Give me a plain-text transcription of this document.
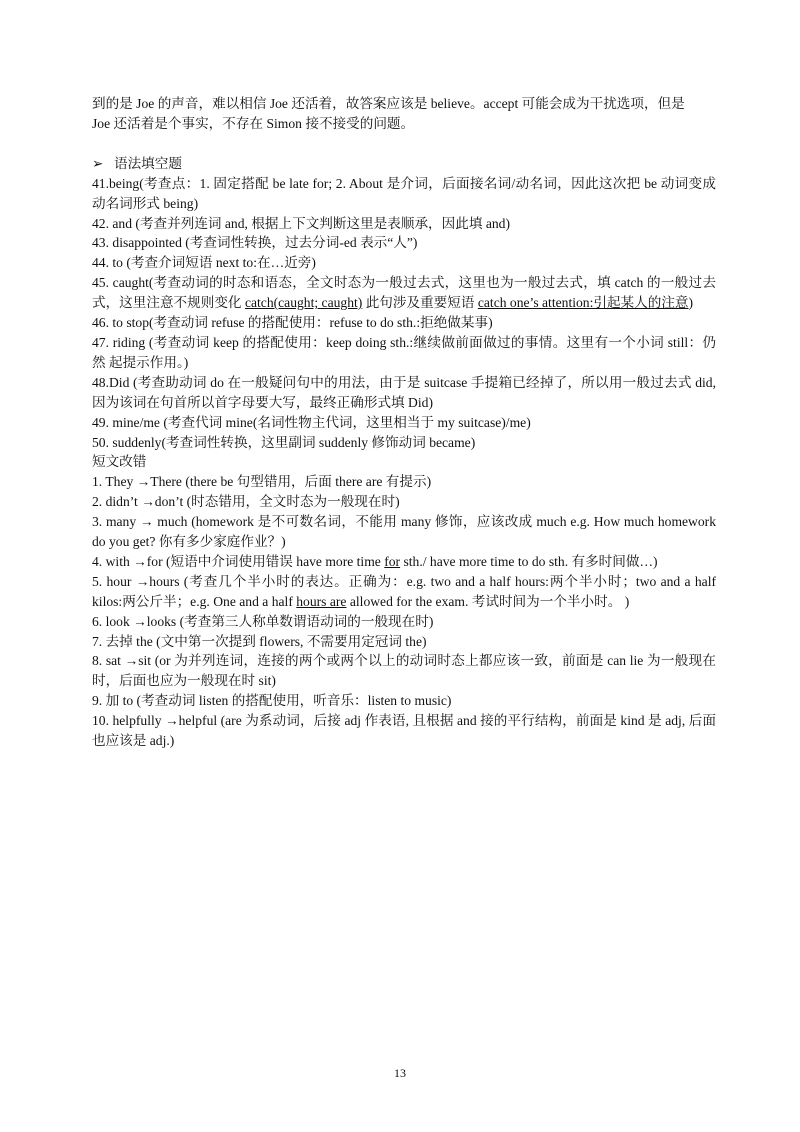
到的是 Joe 的声音，难以相信 Joe 还活着，故答案应该是 believe。accept 可能会成为干扰选项，但是

Joe 还活着是个事实，不存在 Simon 接不接受的问题。

➢ 语法填空题

41.being(考查点：1. 固定搭配 be late for; 2. About 是介词，后面接名词/动名词，因此这次把 be 动词变成动名词形式 being)

42. and (考查并列连词 and, 根据上下文判断这里是表顺承，因此填 and)

43. disappointed (考查词性转换，过去分词-ed 表示“人”)

44. to (考查介词短语 next to:在…近旁)

45. caught(考查动词的时态和语态，全文时态为一般过去式，这里也为一般过去式，填 catch 的一般过去式，这里注意不规则变化 catch(caught; caught) 此句涉及重要短语 catch one’s attention:引起某人的注意)

46. to stop(考查动词 refuse 的搭配使用：refuse to do sth.:拒绝做某事)

47. riding (考查动词 keep 的搭配使用：keep doing sth.:继续做前面做过的事情。这里有一个小词 still：仍然 起提示作用。)

48.Did (考查助动词 do 在一般疑问句中的用法，由于是 suitcase 手提箱已经掉了，所以用一般过去式 did, 因为该词在句首所以首字母要大写，最终正确形式填 Did)

49. mine/me (考查代词 mine(名词性物主代词，这里相当于 my suitcase)/me)

50. suddenly(考查词性转换，这里副词 suddenly 修饰动词 became)

短文改错

1. They →There (there be 句型错用，后面 there are 有提示)

2. didn’t →don’t (时态错用，全文时态为一般现在时)

3. many → much (homework 是不可数名词，不能用 many 修饰，应该改成 much e.g. How much homework do you get? 你有多少家庭作业？)

4. with →for (短语中介词使用错误 have more time for sth./ have more time to do sth. 有多时间做…)

5. hour →hours (考查几个半小时的表达。正确为：e.g. two and a half hours:两个半小时；two and a half kilos:两公斤半；e.g. One and a half hours are allowed for the exam. 考试时间为一个半小时。 )

6. look →looks (考查第三人称单数谓语动词的一般现在时)

7. 去掉 the (文中第一次提到 flowers, 不需要用定冠词 the)

8. sat →sit (or 为并列连词，连接的两个或两个以上的动词时态上都应该一致，前面是 can lie 为一般现在时，后面也应为一般现在时 sit)

9. 加 to (考查动词 listen 的搭配使用，听音乐：listen to music)

10. helpfully →helpful (are 为系动词，后接 adj 作表语, 且根据 and 接的平行结构，前面是 kind 是 adj, 后面也应该是 adj.)

13
